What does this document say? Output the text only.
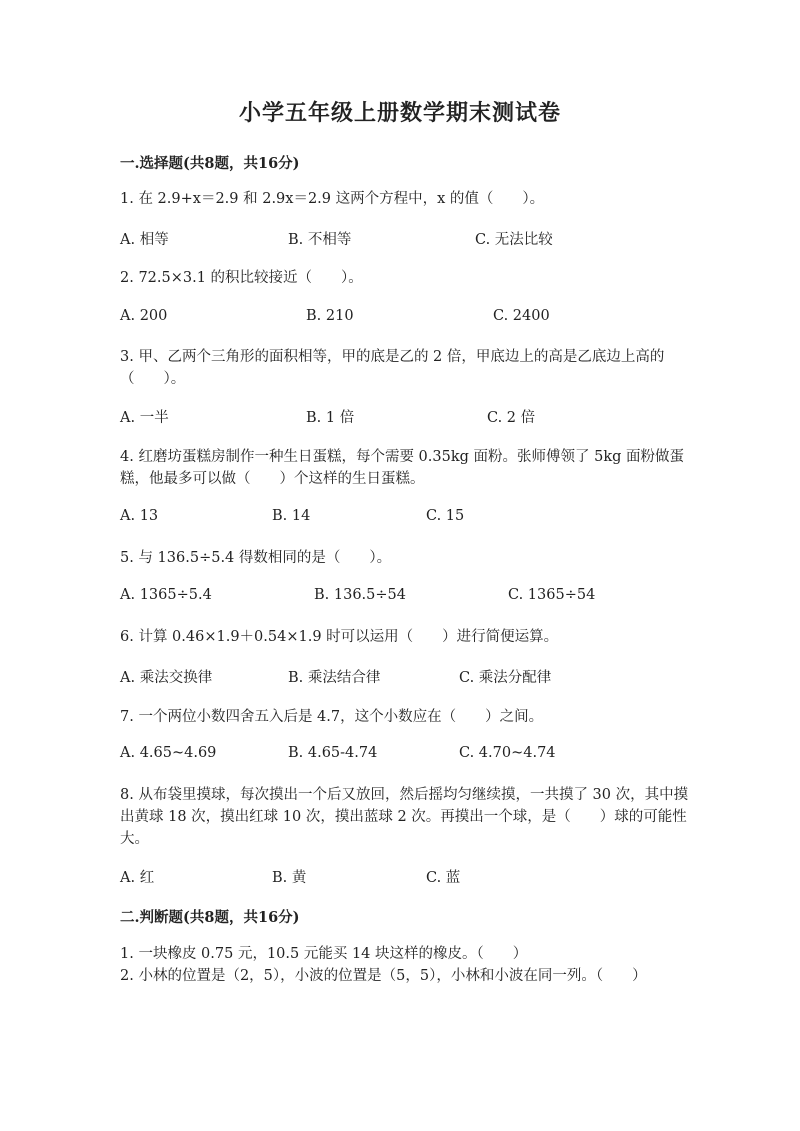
小学五年级上册数学期末测试卷
一.选择题(共8题，共16分)
1. 在 2.9+x＝2.9 和 2.9x＝2.9 这两个方程中，x 的值（　　）。
A. 相等	B. 不相等	C. 无法比较
2. 72.5×3.1 的积比较接近（　　）。
A. 200	B. 210	C. 2400
3. 甲、乙两个三角形的面积相等，甲的底是乙的 2 倍，甲底边上的高是乙底边上高的（　　）。
A. 一半	B. 1 倍	C. 2 倍
4. 红磨坊蛋糕房制作一种生日蛋糕，每个需要 0.35kg 面粉。张师傅领了 5kg 面粉做蛋糕，他最多可以做（　　）个这样的生日蛋糕。
A. 13	B. 14	C. 15
5. 与 136.5÷5.4 得数相同的是（　　）。
A. 1365÷5.4	B. 136.5÷54	C. 1365÷54
6. 计算 0.46×1.9＋0.54×1.9 时可以运用（　　）进行简便运算。
A. 乘法交换律	B. 乘法结合律	C. 乘法分配律
7. 一个两位小数四舍五入后是 4.7，这个小数应在（　　）之间。
A. 4.65~4.69	B. 4.65-4.74	C. 4.70~4.74
8. 从布袋里摸球，每次摸出一个后又放回，然后摇均匀继续摸，一共摸了 30 次，其中摸出黄球 18 次，摸出红球 10 次，摸出蓝球 2 次。再摸出一个球，是（　　）球的可能性大。
A. 红	B. 黄	C. 蓝
二.判断题(共8题，共16分)
1. 一块橡皮 0.75 元，10.5 元能买 14 块这样的橡皮。（　　）
2. 小林的位置是（2，5），小波的位置是（5，5），小林和小波在同一列。（　　）
